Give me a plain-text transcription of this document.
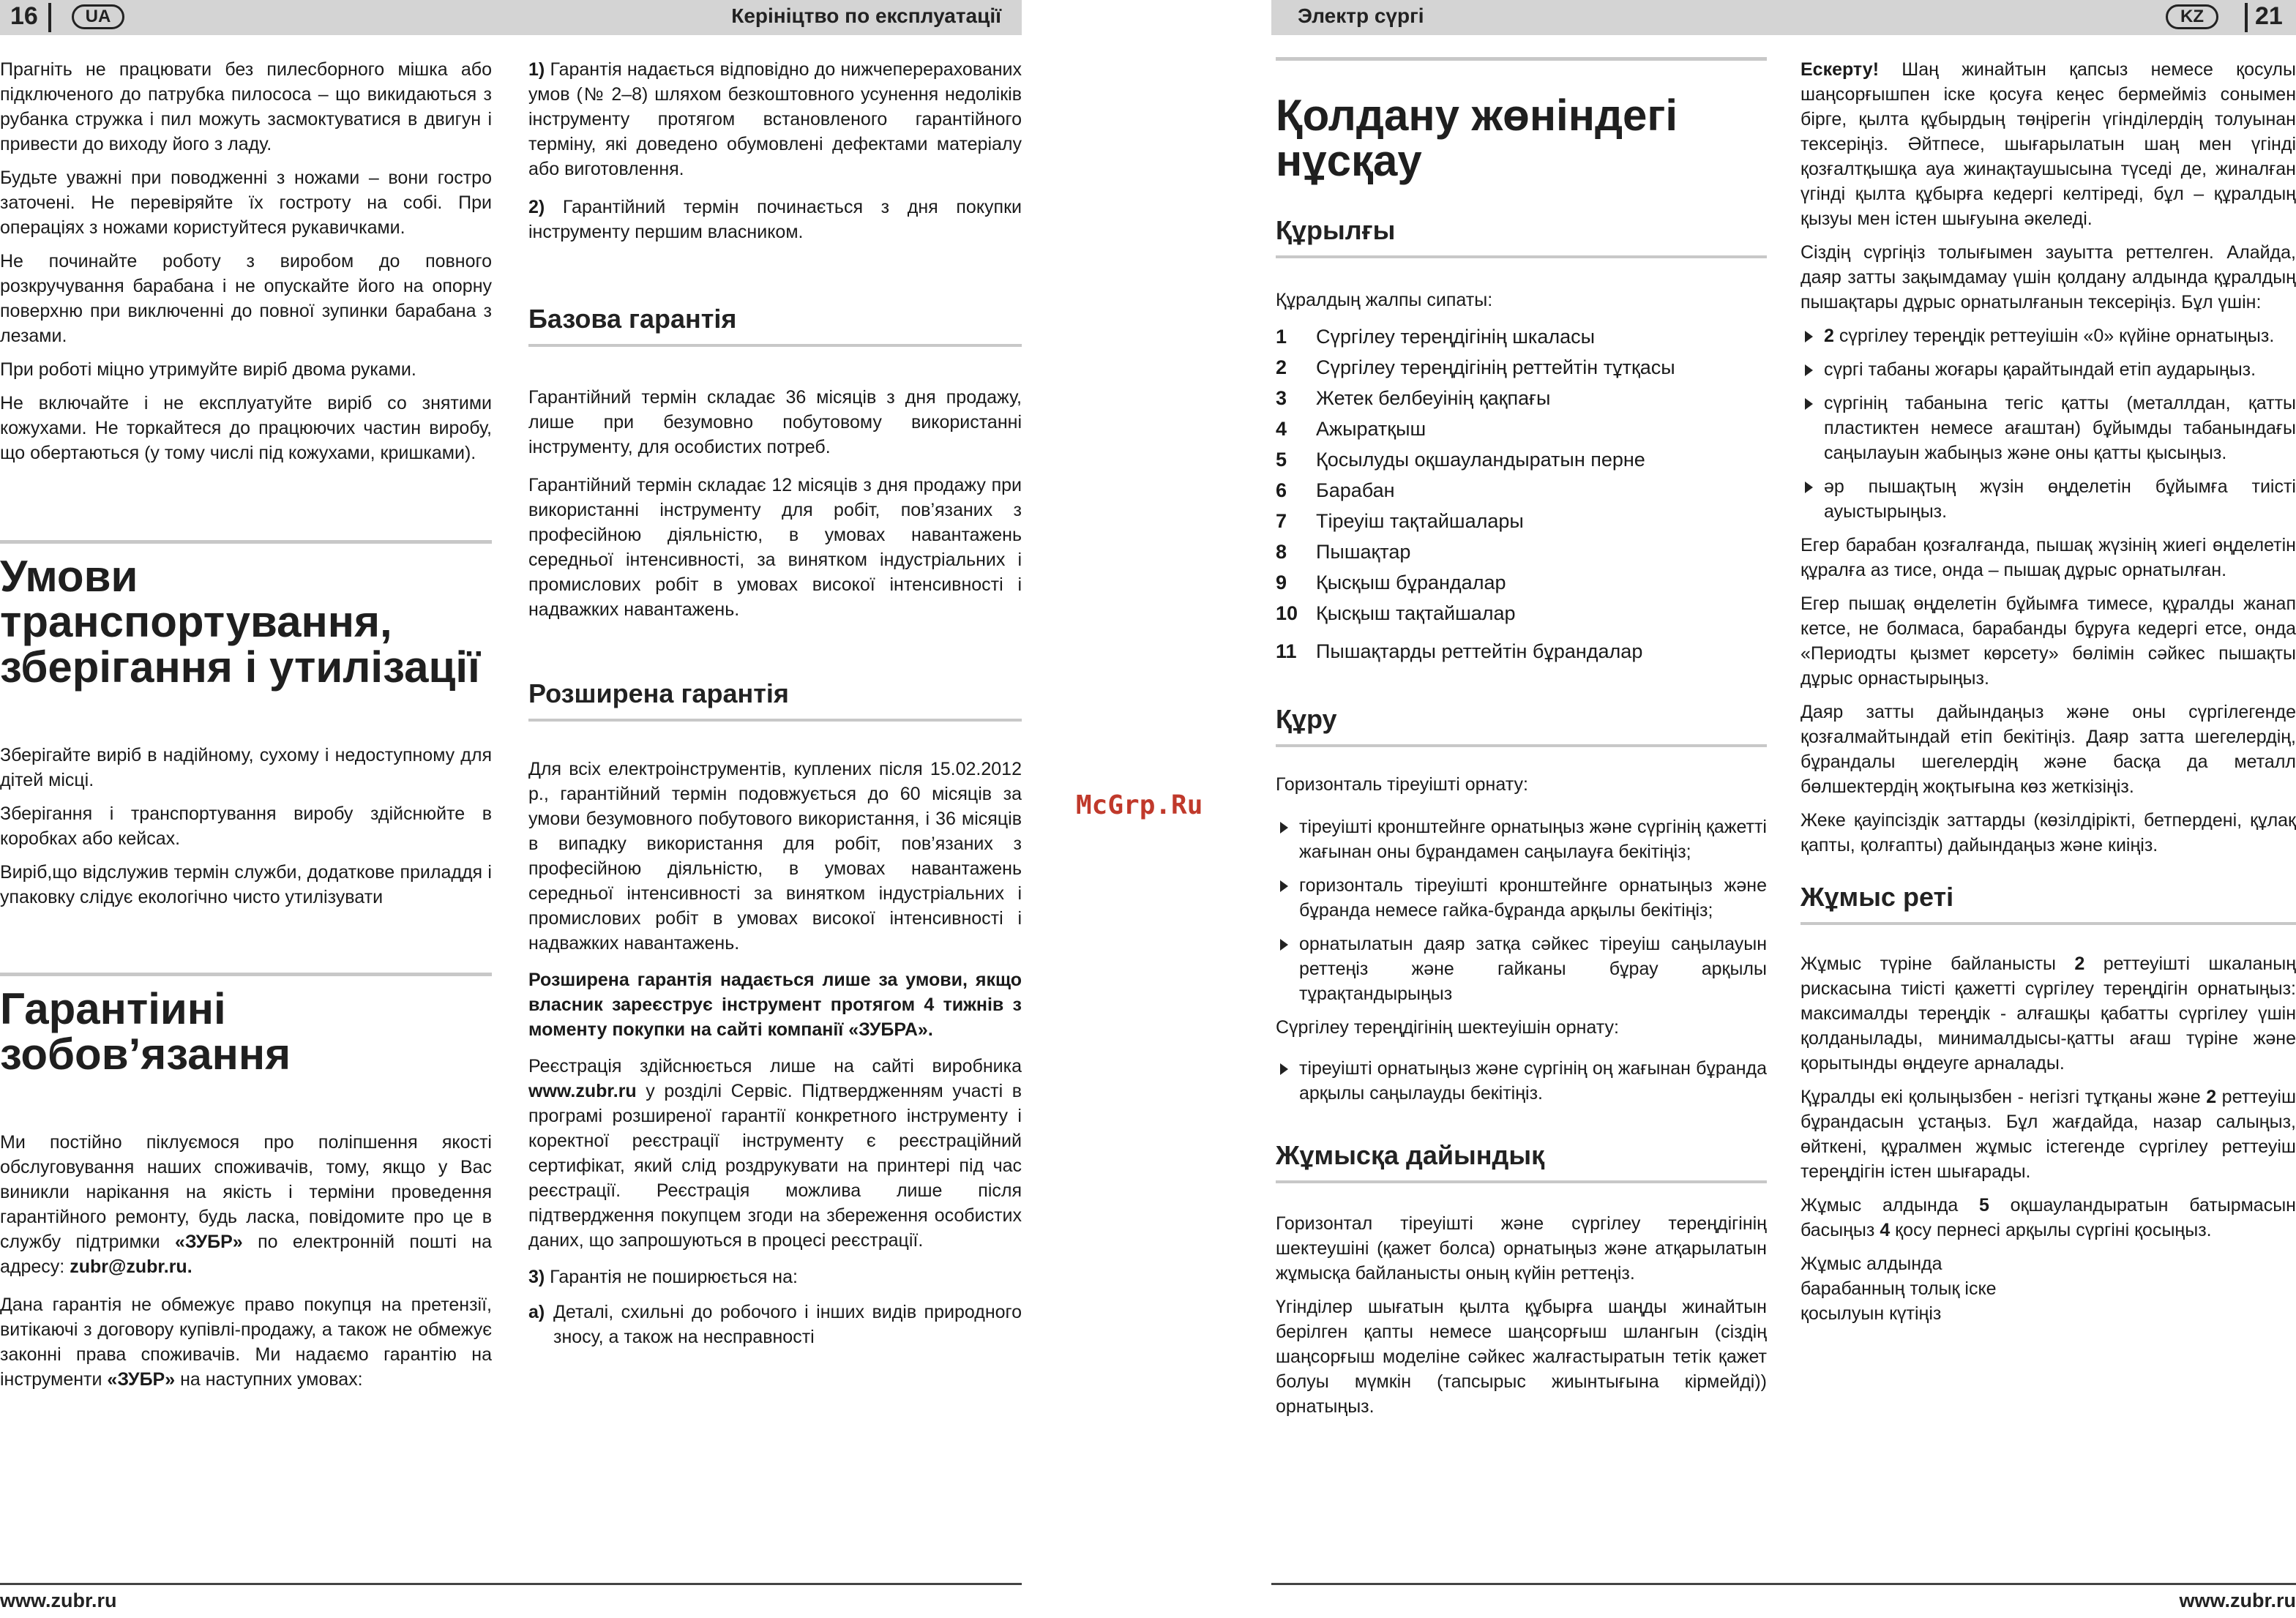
16	UA	Керініцтво по експлуатації

Прагніть не працювати без пилесборного мішка або підключеного до патрубка пилососа – що викидаються з рубанка стружка і пил можуть засмоктуватися в двигун і привести до виходу його з ладу.

Будьте уважні при поводженні з ножами – вони гостро заточені. Не перевіряйте їх гостроту на собі. При операціях з ножами користуйтеся рукавичками.

Не починайте роботу з виробом до повного розкручування барабана і не опускайте його на опорну поверхню при виключенні до повної зупинки барабана з лезами.

При роботі міцно утримуйте виріб двома руками.

Не включайте і не експлуатуйте виріб со знятими кожухами. Не торкайтеся до працюючих частин виробу, що обертаються (у тому числі під кожухами, кришками).

Умови транспортування, зберігання і утилізації

Зберігайте виріб в надійному, сухому і недоступному для дітей місці.

Зберігання і транспортування виробу здійснюйте в коробках або кейсах.

Виріб,що відслужив термін служби, додаткове приладдя і упаковку слідує екологічно чисто утилізувати

Гарантіині зобов’язання

Ми постійно піклуємося про поліпшення якості обслуговування наших споживачів, тому, якщо у Вас виникли нарікання на якість і терміни проведення гарантійного ремонту, будь ласка, повідомите про це в службу підтримки «ЗУБР» по електронній пошті на адресу: zubr@zubr.ru.

Дана гарантія не обмежує право покупця на претензії, витікаючі з договору купівлі-продажу, а також не обмежує законні права споживачів. Ми надаємо гарантію на інструменти «ЗУБР» на наступних умовах:

1) Гарантія надається відповідно до нижчеперерахованих умов (№ 2–8) шляхом безкоштовного усунення недоліків інструменту протягом встановленого гарантійного терміну, які доведено обумовлені дефектами матеріалу або виготовлення.

2) Гарантійний термін починається з дня покупки інструменту першим власником.

Базова гарантія

Гарантійний термін складає 36 місяців з дня продажу, лише при безумовно побутовому використанні інструменту, для особистих потреб.

Гарантійний термін складає 12 місяців з дня продажу при використанні інструменту для робіт, пов’язаних з професійною діяльністю, в умовах навантажень середньої інтенсивності, за винятком індустріальних і промислових робіт в умовах високої інтенсивності і надважких навантажень.

Розширена гарантія

Для всіх електроінструментів, куплених після 15.02.2012 р., гарантійний термін подовжується до 60 місяців за умови безумовного побутового використання, і 36 місяців в випадку використання для робіт, пов’язаних з професійною діяльністю, в умовах навантажень середньої інтенсивності за винятком індустріальних і промислових робіт в умовах високої інтенсивності і надважких навантажень.

Розширена гарантія надається лише за умови, якщо власник зареєструє інструмент протягом 4 тижнів з моменту покупки на сайті компанії «ЗУБРА».

Реєстрація здійснюється лише на сайті виробника www.zubr.ru у розділі Сервіс. Підтвердженням участі в програмі розширеної гарантії конкретного інструменту і коректної реєстрації інструменту є реєстраційний сертифікат, який слід роздрукувати на принтері під час реєстрації. Реєстрація можлива лише після підтвердження покупцем згоди на збереження особистих даних, що запрошуються в процесі реєстрації.

3) Гарантія не поширюється на:

а) Деталі, схильні до робочого і інших видів природного зносу, а також на несправності
www.zubr.ru
McGrp.Ru
Электр сүргі	KZ	21
Қолдану жөніндегі нұсқау
Құрылғы

Құралдың жалпы сипаты:

1	Сүргілеу тереңдігінің шкаласы
2	Сүргілеу тереңдігінің реттейтін тұтқасы
3	Жетек белбеуінің қақпағы
4	Ажыратқыш
5	Қосылуды оқшауландыратын перне
6	Барабан
7	Тіреуіш тақтайшалары
8	Пышақтар
9	Қысқыш бұрандалар
10 Қысқыш тақтайшалар
11 Пышақтарды реттейтін бұрандалар
Құру

Горизонталь тіреуішті орнату:

тіреуішті кронштейнге орнатыңыз және сүргінің қажетті жағынан оны бұрандамен саңылауға бекітіңіз;
горизонталь тіреуішті кронштейнге орнатыңыз және бұранда немесе гайка-бұранда арқылы бекітіңіз;
орнатылатын даяр затқа сәйкес тіреуіш саңылауын реттеңіз және гайканы бұрау арқылы тұрақтандырыңыз

Сүргілеу тереңдігінің шектеуішін орнату:

тіреуішті орнатыңыз және сүргінің оң жағынан бұранда арқылы саңылауды бекітіңіз.
Жұмысқа дайындық

Горизонтал тіреуішті және сүргілеу тереңдігінің шектеушіні (қажет болса) орнатыңыз және атқарылатын жұмысқа байланысты оның күйін реттеңіз.

Үгінділер шығатын қылта құбырға шаңды жинайтын берілген қапты немесе шаңсорғыш шлангын (сіздің шаңсорғыш моделіне сәйкес жалғастыратын тетік қажет болуы мүмкін (тапсырыс жиынтығына кірмейді)) орнатыңыз.

Ескерту! Шаң жинайтын қапсыз немесе қосулы шаңсорғышпен іске қосуға кеңес бермейміз сонымен бірге, қылта құбырдың төңірегін үгінділердің толуынан тексеріңіз. Әйтпесе, шығарылатын шаң мен үгінді қозғалтқышқа ауа жинақтаушысына түседі де, жиналған үгінді қылта құбырға кедергі келтіреді, бұл – құралдың қызуы мен істен шығуына әкеледі.

Сіздің сүргіңіз толығымен зауытта реттелген. Алайда, даяр затты зақымдамау үшін қолдану алдында құралдың пышақтары дұрыс орнатылғанын тексеріңіз. Бұл үшін:

2 сүргілеу тереңдік реттеуішін «0» күйіне орнатыңыз.
сүргі табаны жоғары қарайтындай етіп аударыңыз.
сүргінің табанына тегіс қатты (металлдан, қатты пластиктен немесе ағаштан) бұйымды табанындағы саңылауын жабыңыз және оны қатты қысыңыз.
әр пышақтың жүзін өңделетін бұйымға тиісті ауыстырыңыз.

Егер барабан қозғалғанда, пышақ жүзінің жиегі өңделетін құралға аз тисе, онда – пышақ дұрыс орнатылған.

Егер пышақ өңделетін бұйымға тимесе, құралды жанап кетсе, не болмаса, барабанды бұруға кедергі етсе, онда «Периодты қызмет көрсету» бөлімін сәйкес пышақты дұрыс орнастырыңыз.

Даяр затты дайындаңыз және оны сүргілегенде қозғалмайтындай етіп бекітіңіз. Даяр затта шегелердің, бұрандалы шегелердің және басқа да металл бөлшектердің жоқтығына көз жеткізіңіз.

Жеке қауіпсіздік заттарды (көзілдірікті, бетпердені, құлақ қапты, қолғапты) дайындаңыз және киіңіз.

Жұмыс реті

Жұмыс түріне байланысты 2 реттеуішті шкаланың рискасына тиісті қажетті сүргілеу тереңдігін орнатыңыз: максималды тереңдік - алғашқы қабатты сүргілеу үшін қолданылады, минималдысы-қатты ағаш түріне және қорытынды өңдеуге арналады.

Құралды екі қолыңызбен - негізгі тұтқаны және 2 реттеуіш бұрандасын ұстаңыз. Бұл жағдайда, назар салыңыз, өйткені, құралмен жұмыс істегенде сүргілеу реттеуіш тереңдігін істен шығарады.

Жұмыс алдында 5 оқшауландыратын батырмасын басыңыз 4 қосу пернесі арқылы сүргіні қосыңыз.

Жұмыс алдында барабанның толық іске қосылуын күтіңіз

www.zubr.ru
